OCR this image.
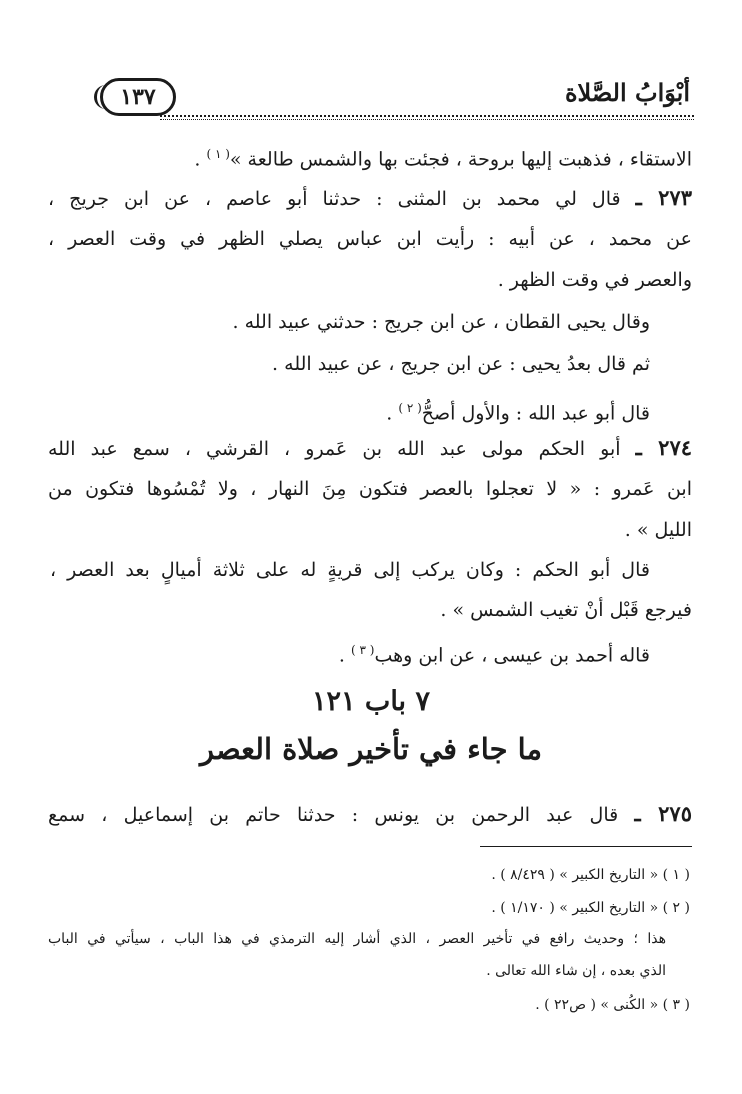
أبْوَابُ الصَّلاة
١٣٧
الاستقاء ، فذهبت إليها بروحة ، فجئت بها والشمس طالعة »$^{( ١ )}$ .
٢٧٣ ـ قال لي محمد بن المثنى : حدثنا أبو عاصم ، عن ابن جريج ،
عن محمد ، عن أبيه : رأيت ابن عباس يصلي الظهر في وقت العصر ،
والعصر في وقت الظهر .
وقال يحيى القطان ، عن ابن جريج : حدثني عبيد الله .
ثم قال بعدُ يحيى : عن ابن جريج ، عن عبيد الله .
قال أبو عبد الله : والأول أصحُّ$^{( ٢ )}$ .
٢٧٤ ـ أبو الحكم مولى عبد الله بن عَمرو ، القرشي ، سمع عبد الله
ابن عَمرو : « لا تعجلوا بالعصر فتكون مِنَ النهار ، ولا تُمْسُوها فتكون من
الليل » .
قال أبو الحكم : وكان يركب إلى قريةٍ له على ثلاثة أميالٍ بعد العصر ،
فيرجع قَبْل أنْ تغيب الشمس » .
قاله أحمد بن عيسى ، عن ابن وهب$^{( ٣ )}$ .
٧ باب ١٢١
ما جاء في تأخير صلاة العصر
٢٧٥ ـ قال عبد الرحمن بن يونس : حدثنا حاتم بن إسماعيل ، سمع
( ١ ) « التاريخ الكبير » ( ٨/٤٢٩ ) .
( ٢ ) « التاريخ الكبير » ( ١/١٧٠ ) .
هذا ؛ وحديث رافع في تأخير العصر ، الذي أشار إليه الترمذي في هذا الباب ، سيأتي في الباب
الذي بعده ، إن شاء الله تعالى .
( ٣ ) « الكُنى » ( ص٢٢ ) .
